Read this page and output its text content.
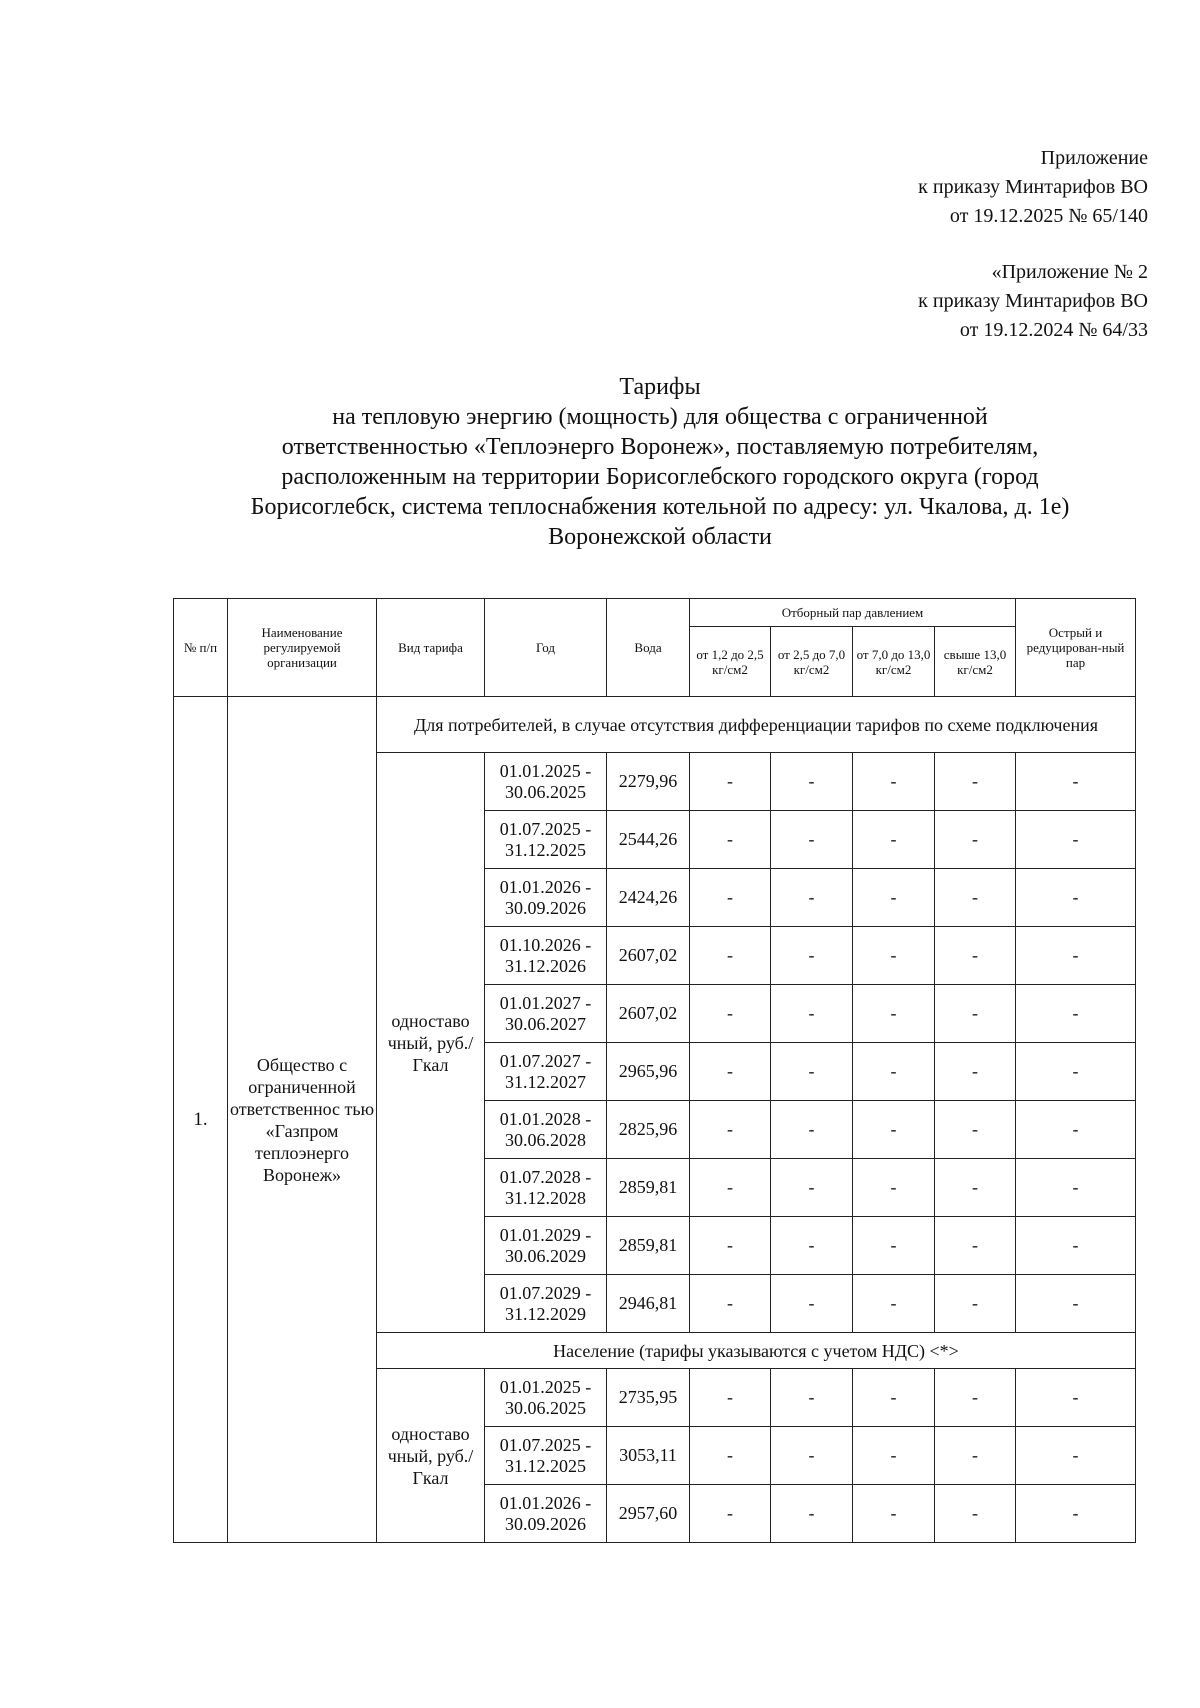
Приложение
к приказу Минтарифов ВО
от 19.12.2025 № 65/140
«Приложение № 2
к приказу Минтарифов ВО
от 19.12.2024 № 64/33
Тарифы
на тепловую энергию (мощность) для общества с ограниченной
ответственностью «Теплоэнерго Воронеж», поставляемую потребителям,
расположенным на территории Борисоглебского городского округа (город
Борисоглебск, система теплоснабжения котельной по адресу: ул. Чкалова, д. 1е)
Воронежской области
№ п/п	Наименование регулируемой организации	Вид тарифа	Год	Вода	Отборный пар давлением				Острый и редуцирован-ный пар
					от 1,2 до 2,5 кг/см2	от 2,5 до 7,0 кг/см2	от 7,0 до 13,0 кг/см2	свыше 13,0 кг/см2	
1.	Общество с ограниченной ответственнос тью «Газпром теплоэнерго Воронеж»	Для потребителей, в случае отсутствия дифференциации тарифов по схеме подключения							
		одноставо чный, руб./Гкал	01.01.2025 -
30.06.2025	2279,96	-	-	-	-	-

			01.07.2025 -
31.12.2025	2544,26	-	-	-	-	-

			01.01.2026 -
30.09.2026	2424,26	-	-	-	-	-

			01.10.2026 -
31.12.2026	2607,02	-	-	-	-	-

			01.01.2027 -
30.06.2027	2607,02	-	-	-	-	-

			01.07.2027 -
31.12.2027	2965,96	-	-	-	-	-

			01.01.2028 -
30.06.2028	2825,96	-	-	-	-	-

			01.07.2028 -
31.12.2028	2859,81	-	-	-	-	-

			01.01.2029 -
30.06.2029	2859,81	-	-	-	-	-

			01.07.2029 -
31.12.2029	2946,81	-	-	-	-	-
		Население (тарифы указываются с учетом НДС) <*>							
		одноставо чный, руб./Гкал	01.01.2025 -
30.06.2025	2735,95	-	-	-	-	-

			01.07.2025 -
31.12.2025	3053,11	-	-	-	-	-

			01.01.2026 -
30.09.2026	2957,60	-	-	-	-	-
